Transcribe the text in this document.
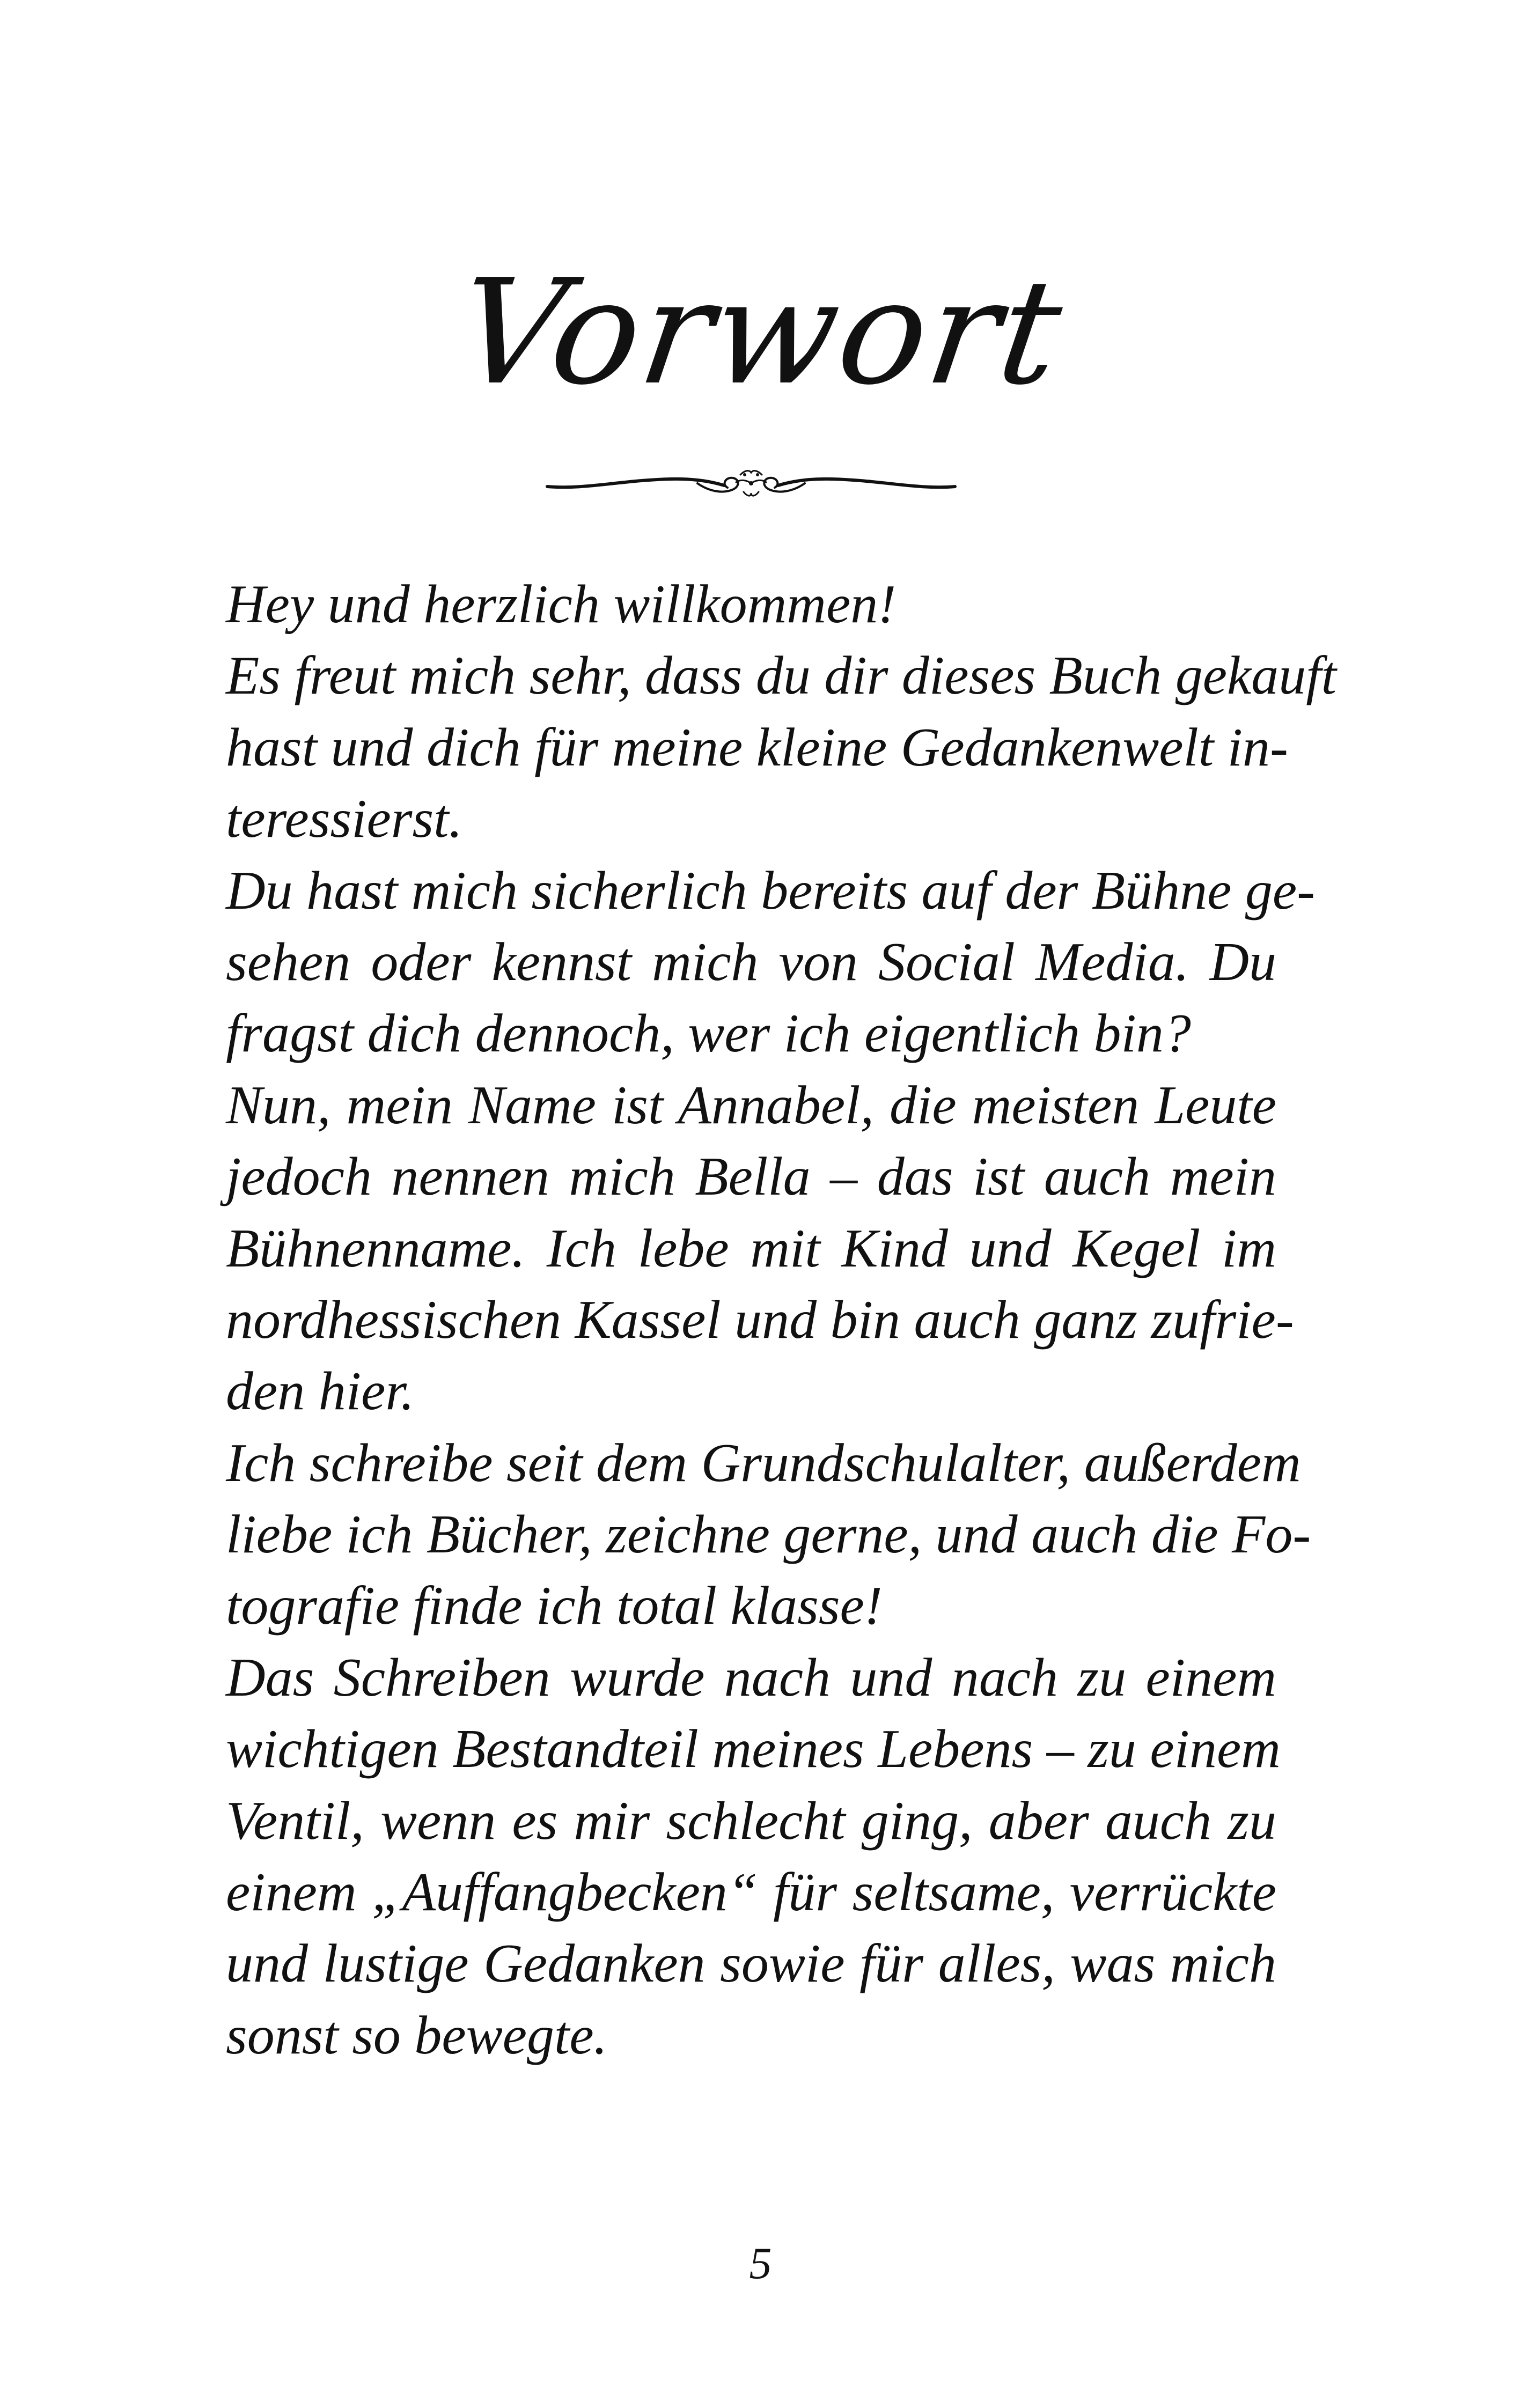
Vorwort
Hey und herzlich willkommen!
Es freut mich sehr, dass du dir dieses Buch gekauft
hast und dich für meine kleine Gedankenwelt in-
teressierst.
Du hast mich sicherlich bereits auf der Bühne ge-
sehen oder kennst mich von Social Media. Du
fragst dich dennoch, wer ich eigentlich bin?
Nun, mein Name ist Annabel, die meisten Leute
jedoch nennen mich Bella – das ist auch mein
Bühnenname. Ich lebe mit Kind und Kegel im
nordhessischen Kassel und bin auch ganz zufrie-
den hier.
Ich schreibe seit dem Grundschulalter, außerdem
liebe ich Bücher, zeichne gerne, und auch die Fo-
tografie finde ich total klasse!
Das Schreiben wurde nach und nach zu einem
wichtigen Bestandteil meines Lebens – zu einem
Ventil, wenn es mir schlecht ging, aber auch zu
einem „Auffangbecken“ für seltsame, verrückte
und lustige Gedanken sowie für alles, was mich
sonst so bewegte.
5
